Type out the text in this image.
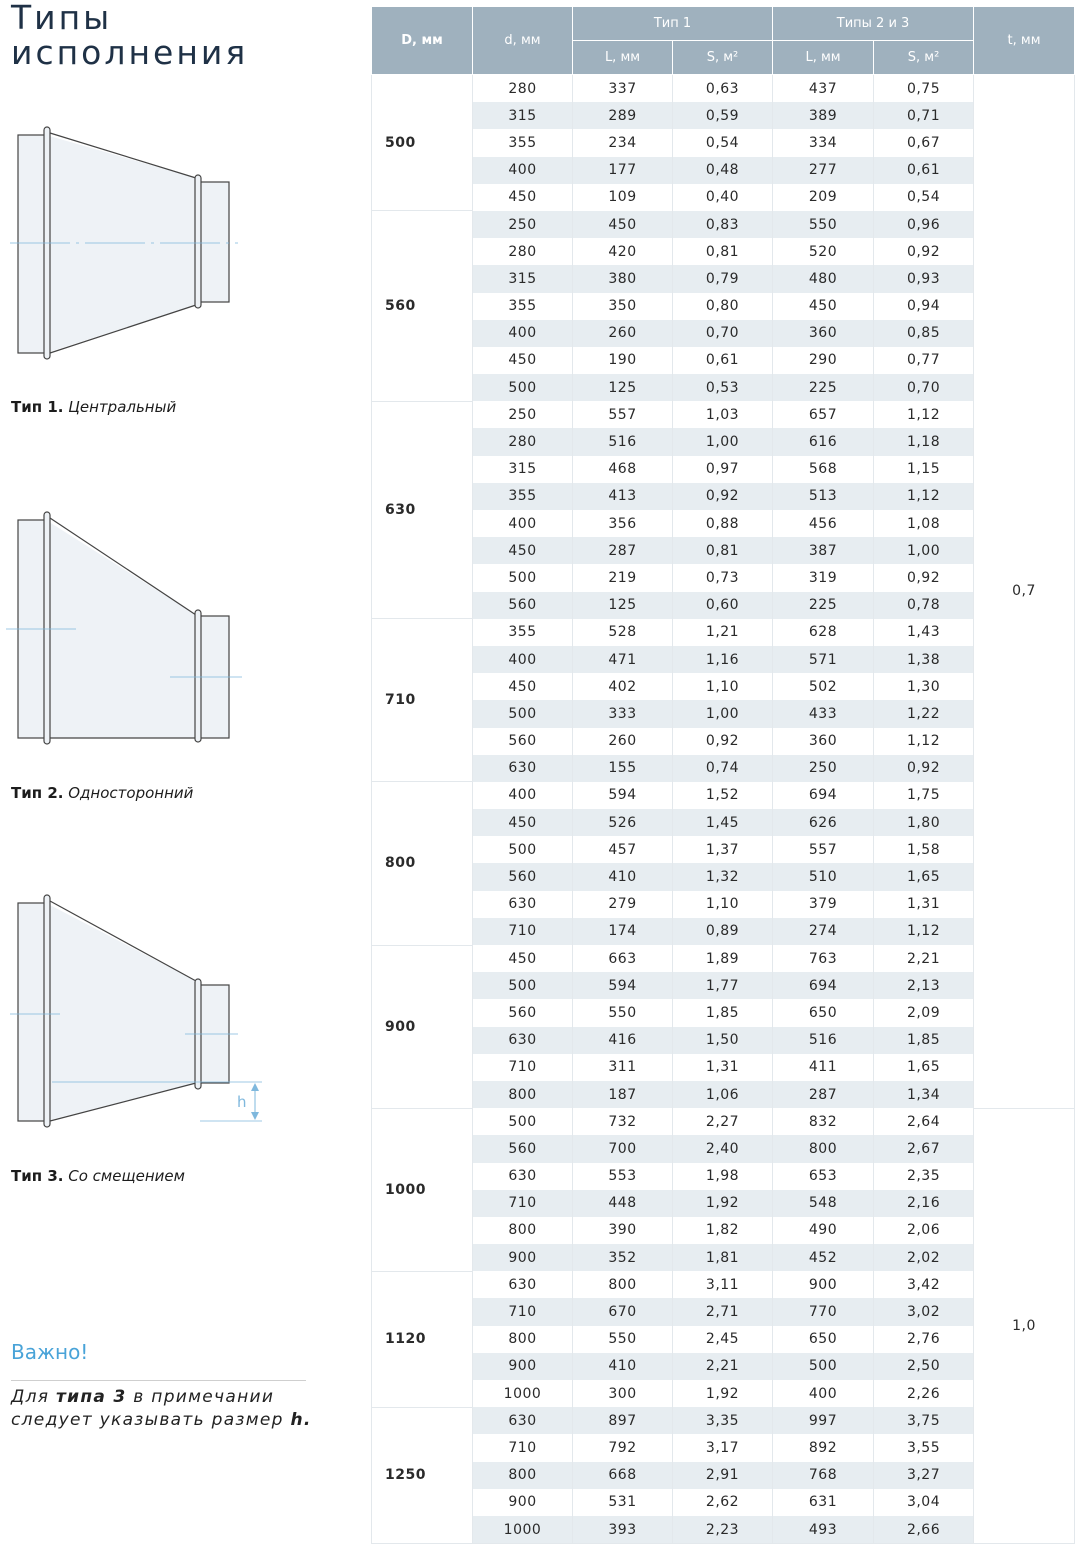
Типы
исполнения
Тип 1. Центральный
Тип 2. Односторонний
h
Тип 3. Со смещением
Важно!
Для типа 3 в примечании следует указывать размер h.
D, мм	d, мм	Тип 1		Типы 2 и 3		t, мм
		L, мм	S, м²	L, мм	S, м²	
500	280	337	0,63	437	0,75	0,7
	315	289	0,59	389	0,71	
	355	234	0,54	334	0,67	
	400	177	0,48	277	0,61	
	450	109	0,40	209	0,54	
560	250	450	0,83	550	0,96	
	280	420	0,81	520	0,92	
	315	380	0,79	480	0,93	
	355	350	0,80	450	0,94	
	400	260	0,70	360	0,85	
	450	190	0,61	290	0,77	
	500	125	0,53	225	0,70	
630	250	557	1,03	657	1,12	
	280	516	1,00	616	1,18	
	315	468	0,97	568	1,15	
	355	413	0,92	513	1,12	
	400	356	0,88	456	1,08	
	450	287	0,81	387	1,00	
	500	219	0,73	319	0,92	
	560	125	0,60	225	0,78	
710	355	528	1,21	628	1,43	
	400	471	1,16	571	1,38	
	450	402	1,10	502	1,30	
	500	333	1,00	433	1,22	
	560	260	0,92	360	1,12	
	630	155	0,74	250	0,92	
800	400	594	1,52	694	1,75	
	450	526	1,45	626	1,80	
	500	457	1,37	557	1,58	
	560	410	1,32	510	1,65	
	630	279	1,10	379	1,31	
	710	174	0,89	274	1,12	
900	450	663	1,89	763	2,21	
	500	594	1,77	694	2,13	
	560	550	1,85	650	2,09	
	630	416	1,50	516	1,85	
	710	311	1,31	411	1,65	
	800	187	1,06	287	1,34	
1000	500	732	2,27	832	2,64	1,0
	560	700	2,40	800	2,67	
	630	553	1,98	653	2,35	
	710	448	1,92	548	2,16	
	800	390	1,82	490	2,06	
	900	352	1,81	452	2,02	
1120	630	800	3,11	900	3,42	
	710	670	2,71	770	3,02	
	800	550	2,45	650	2,76	
	900	410	2,21	500	2,50	
	1000	300	1,92	400	2,26	
1250	630	897	3,35	997	3,75	
	710	792	3,17	892	3,55	
	800	668	2,91	768	3,27	
	900	531	2,62	631	3,04	
	1000	393	2,23	493	2,66	
